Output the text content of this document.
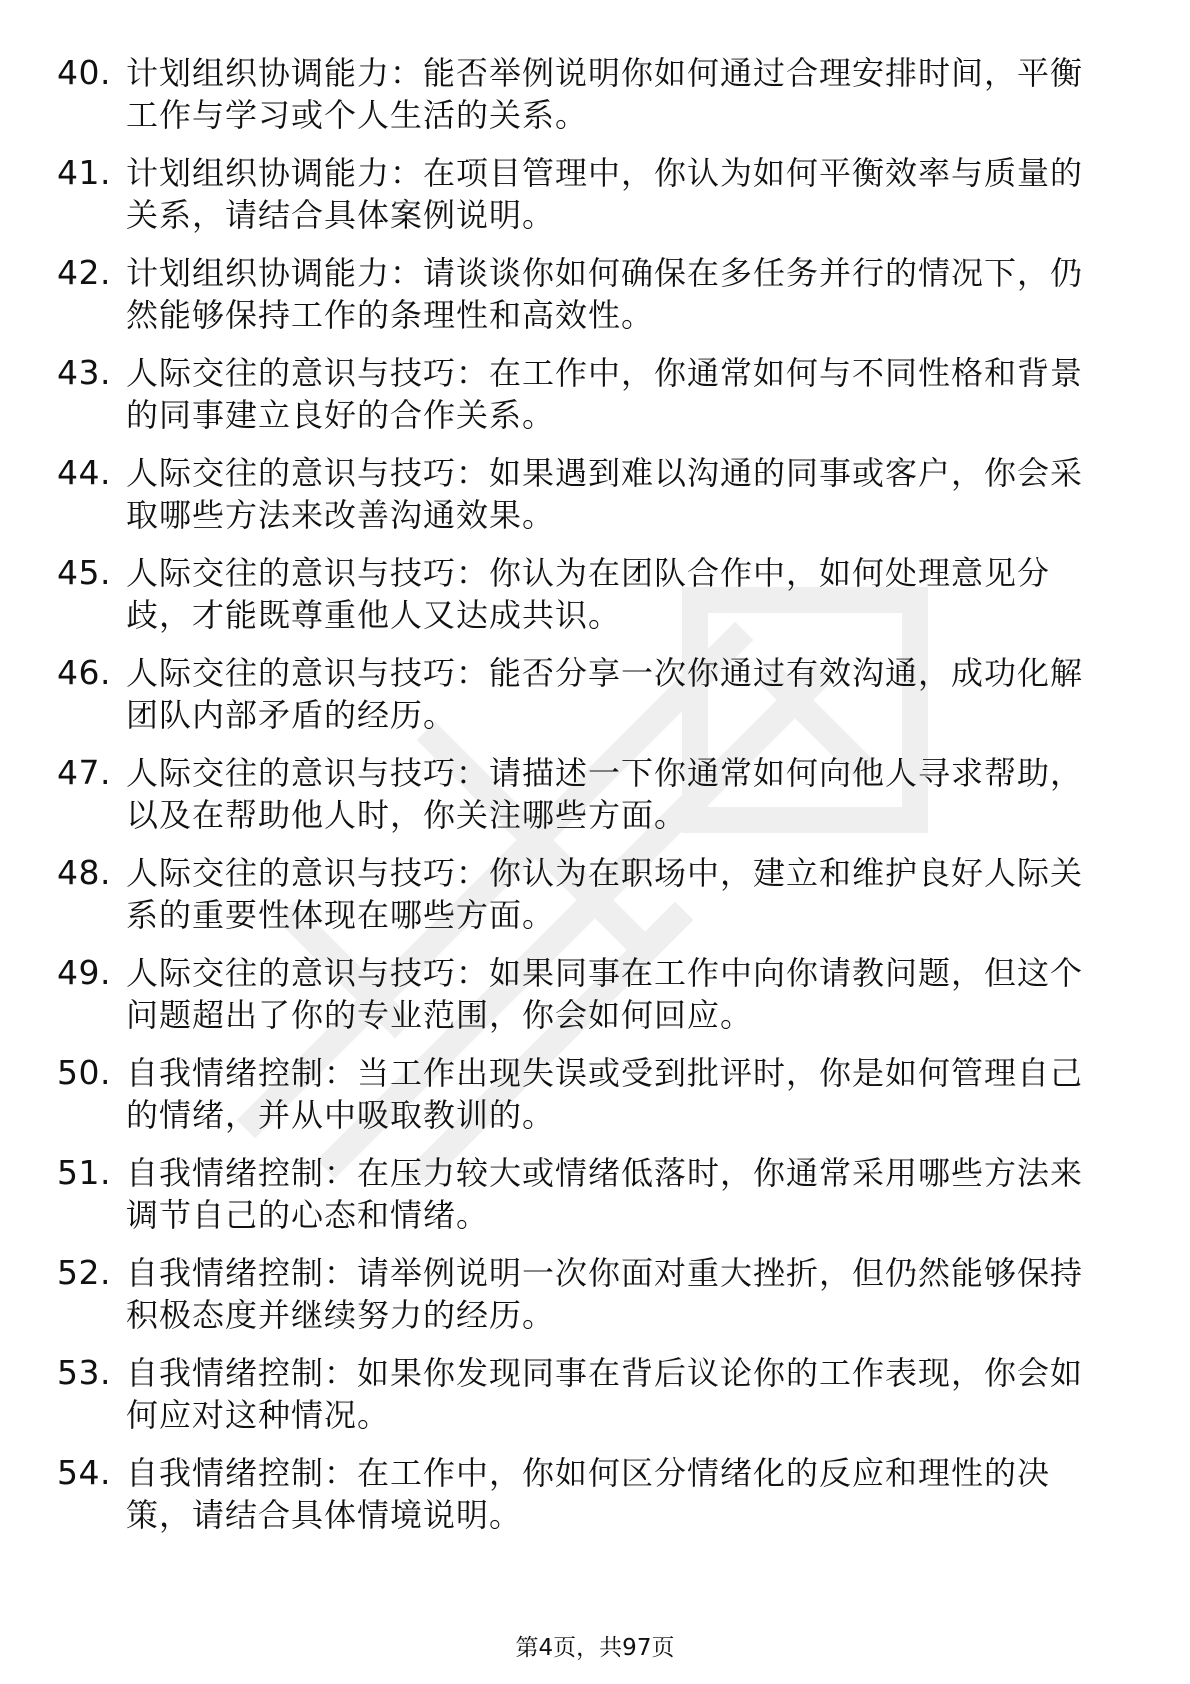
40. 计划组织协调能力：能否举例说明你如何通过合理安排时间，平衡工作与学习或个人生活的关系。
41. 计划组织协调能力：在项目管理中，你认为如何平衡效率与质量的关系，请结合具体案例说明。
42. 计划组织协调能力：请谈谈你如何确保在多任务并行的情况下，仍然能够保持工作的条理性和高效性。
43. 人际交往的意识与技巧：在工作中，你通常如何与不同性格和背景的同事建立良好的合作关系。
44. 人际交往的意识与技巧：如果遇到难以沟通的同事或客户，你会采取哪些方法来改善沟通效果。
45. 人际交往的意识与技巧：你认为在团队合作中，如何处理意见分歧，才能既尊重他人又达成共识。
46. 人际交往的意识与技巧：能否分享一次你通过有效沟通，成功化解团队内部矛盾的经历。
47. 人际交往的意识与技巧：请描述一下你通常如何向他人寻求帮助，以及在帮助他人时，你关注哪些方面。
48. 人际交往的意识与技巧：你认为在职场中，建立和维护良好人际关系的重要性体现在哪些方面。
49. 人际交往的意识与技巧：如果同事在工作中向你请教问题，但这个问题超出了你的专业范围，你会如何回应。
50. 自我情绪控制：当工作出现失误或受到批评时，你是如何管理自己的情绪，并从中吸取教训的。
51. 自我情绪控制：在压力较大或情绪低落时，你通常采用哪些方法来调节自己的心态和情绪。
52. 自我情绪控制：请举例说明一次你面对重大挫折，但仍然能够保持积极态度并继续努力的经历。
53. 自我情绪控制：如果你发现同事在背后议论你的工作表现，你会如何应对这种情况。
54. 自我情绪控制：在工作中，你如何区分情绪化的反应和理性的决策，请结合具体情境说明。
第4页，共97页
